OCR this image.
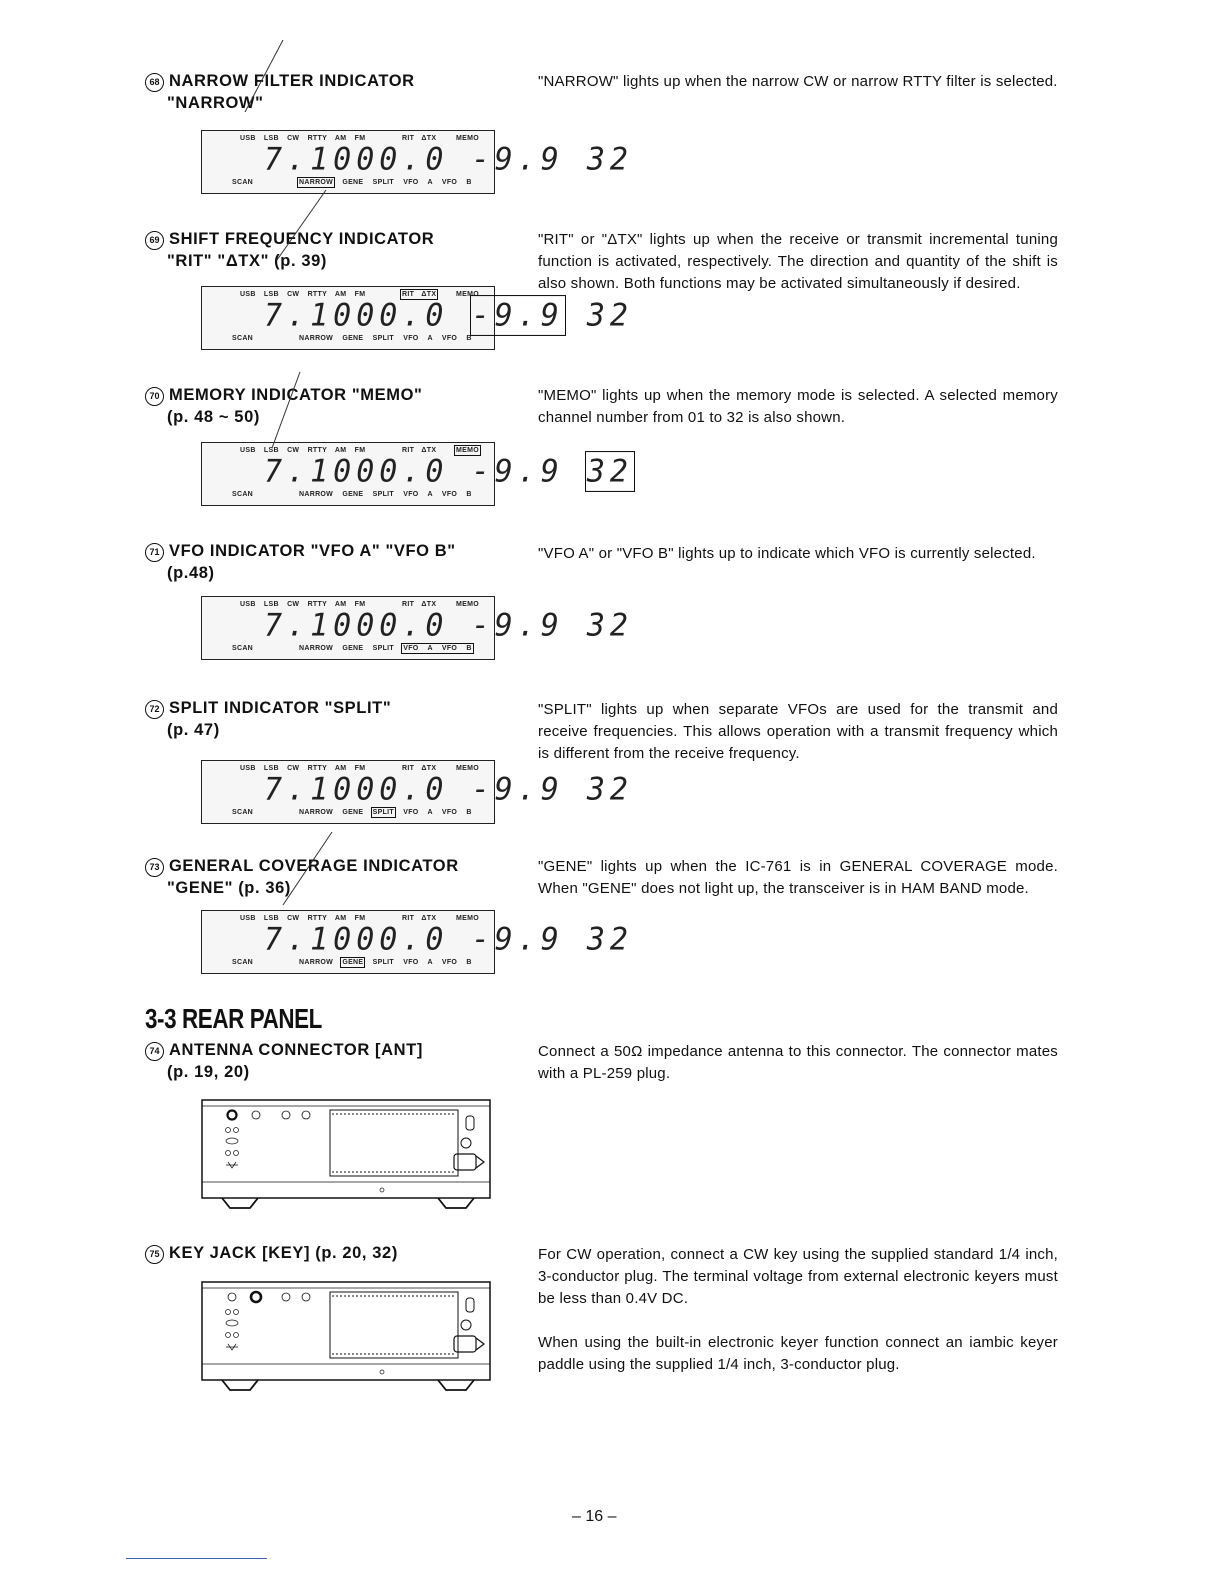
68 NARROW FILTER INDICATOR
"NARROW"

"NARROW" lights up when the narrow CW or narrow RTTY filter is selected.

USB LSB CW RTTY AM FM	RIT ΔTX	MEMO
7.1000.0 -9.9 32
SCAN	NARROW GENE SPLIT VFO A VFO B
69 SHIFT FREQUENCY INDICATOR
"RIT" "ΔTX" (p. 39)

"RIT" or "ΔTX" lights up when the receive or transmit incremental tuning function is activated, respectively. The direction and quantity of the shift is also shown. Both functions may be activated simultaneously if desired.

USB LSB CW RTTY AM FM	RIT ΔTX	MEMO
7.1000.0 -9.9 32
SCAN	NARROW GENE SPLIT VFO A VFO B
70 MEMORY INDICATOR "MEMO"
(p. 48 ~ 50)

"MEMO" lights up when the memory mode is selected. A selected memory channel number from 01 to 32 is also shown.

USB LSB CW RTTY AM FM	RIT ΔTX	MEMO
7.1000.0 -9.9 32
SCAN	NARROW GENE SPLIT VFO A VFO B
71 VFO INDICATOR "VFO A" "VFO B"
(p.48)

"VFO A" or "VFO B" lights up to indicate which VFO is currently selected.

USB LSB CW RTTY AM FM	RIT ΔTX	MEMO
7.1000.0 -9.9 32
SCAN	NARROW GENE SPLIT VFO A VFO B
72 SPLIT INDICATOR "SPLIT"
(p. 47)

"SPLIT" lights up when separate VFOs are used for the transmit and receive frequencies. This allows operation with a transmit frequency which is different from the receive frequency.

USB LSB CW RTTY AM FM	RIT ΔTX	MEMO
7.1000.0 -9.9 32
SCAN	NARROW GENE SPLIT VFO A VFO B
73 GENERAL COVERAGE INDICATOR
"GENE" (p. 36)

"GENE" lights up when the IC-761 is in GENERAL COVERAGE mode. When "GENE" does not light up, the transceiver is in HAM BAND mode.

USB LSB CW RTTY AM FM	RIT ΔTX	MEMO
7.1000.0 -9.9 32
SCAN	NARROW GENE SPLIT VFO A VFO B
3-3 REAR PANEL
74 ANTENNA CONNECTOR [ANT]
(p. 19, 20)

Connect a 50Ω impedance antenna to this connector. The connector mates with a PL-259 plug.

75 KEY JACK [KEY] (p. 20, 32)	For CW operation, connect a CW key using the supplied standard 1/4 inch, 3-conductor plug. The terminal voltage from external electronic keyers must be less than 0.4V DC.

When using the built-in electronic keyer function connect an iambic keyer paddle using the supplied 1/4 inch, 3-conductor plug.

– 16 –
